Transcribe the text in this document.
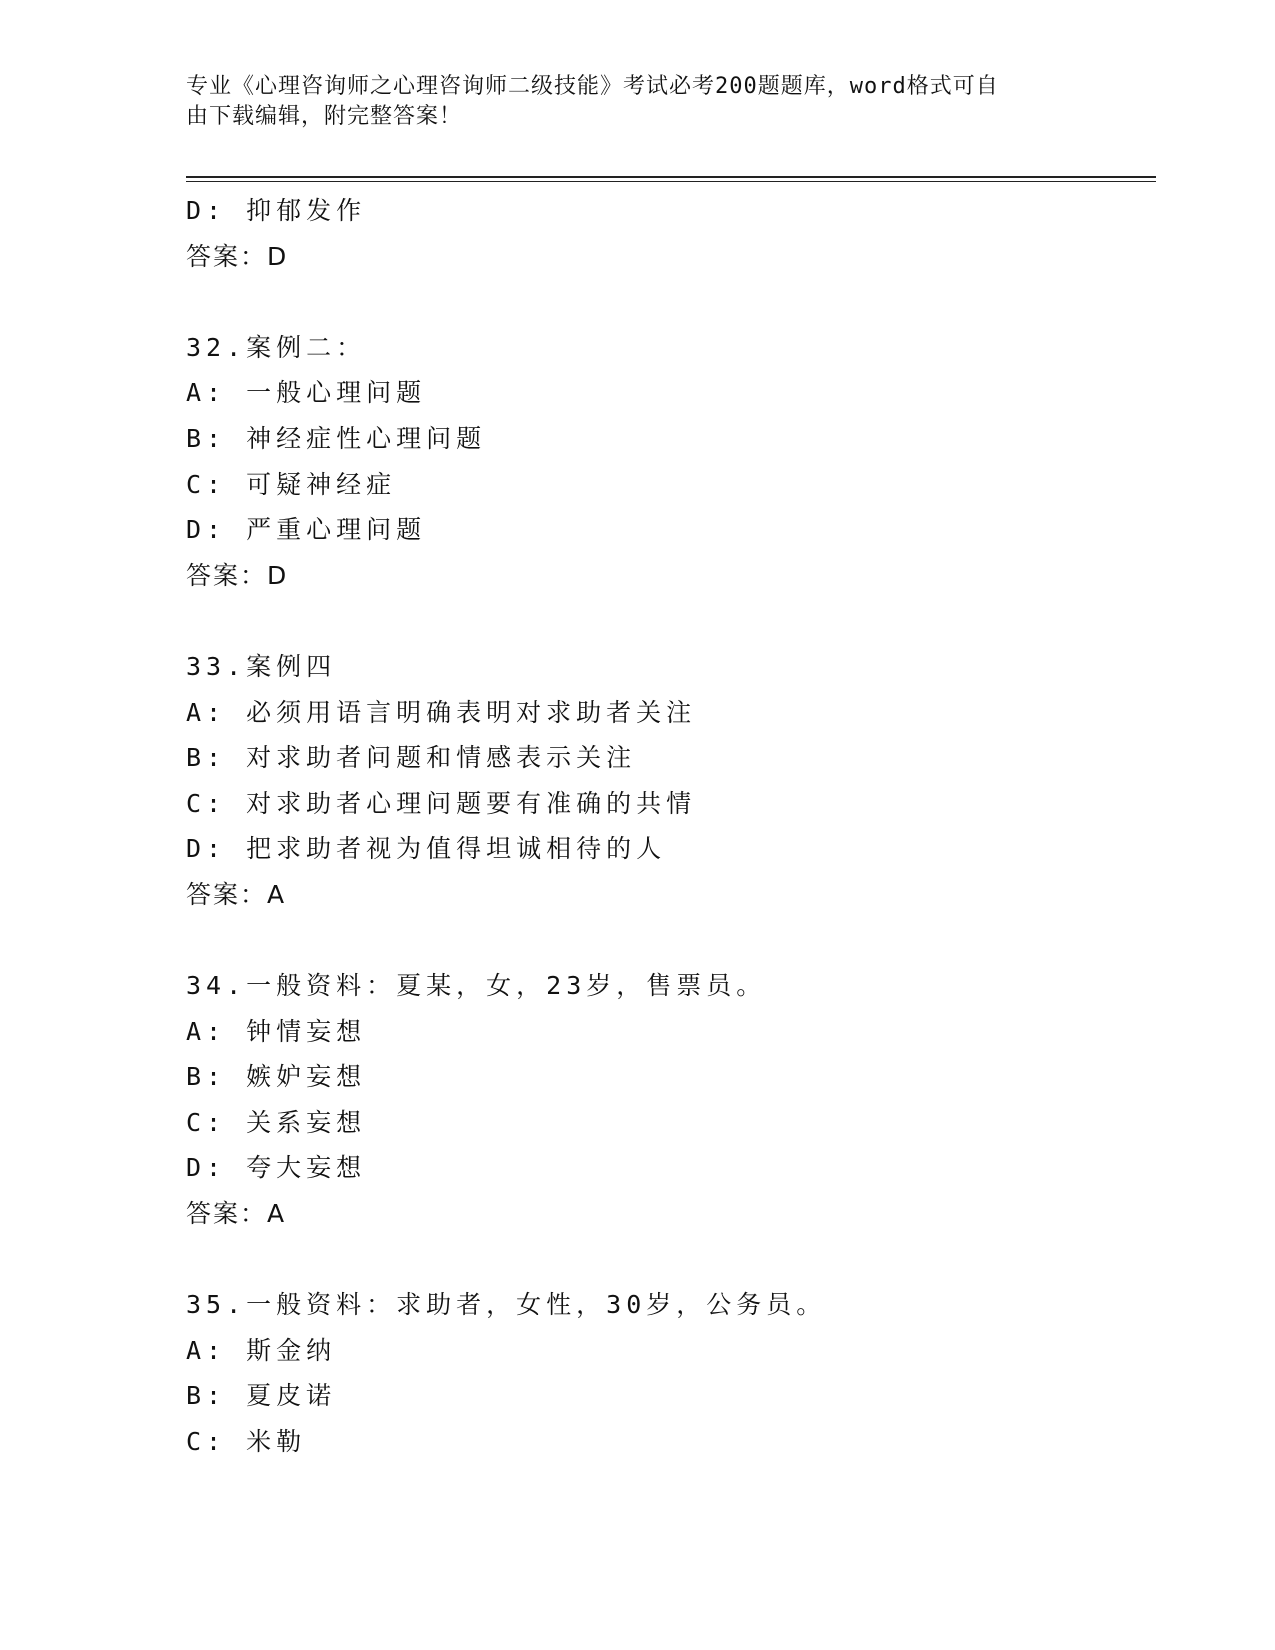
专业《心理咨询师之心理咨询师二级技能》考试必考200题题库，word格式可自
由下载编辑，附完整答案！
D: 抑郁发作
答案：D
32.案例二：
A: 一般心理问题
B: 神经症性心理问题
C: 可疑神经症
D: 严重心理问题
答案：D
33.案例四
A: 必须用语言明确表明对求助者关注
B: 对求助者问题和情感表示关注
C: 对求助者心理问题要有准确的共情
D: 把求助者视为值得坦诚相待的人
答案：A
34.一般资料：夏某，女，23岁，售票员。
A: 钟情妄想
B: 嫉妒妄想
C: 关系妄想
D: 夸大妄想
答案：A
35.一般资料：求助者，女性，30岁，公务员。
A: 斯金纳
B: 夏皮诺
C: 米勒
